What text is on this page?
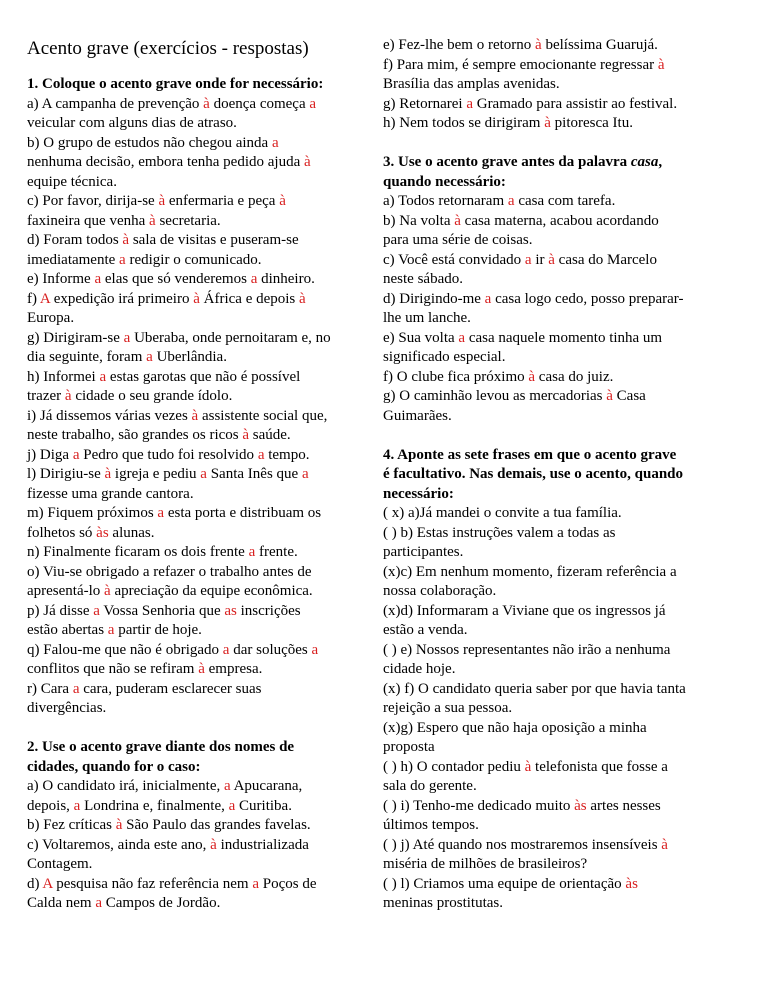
Acento grave (exercícios - respostas)
1. Coloque o acento grave onde for necessário:
a) A campanha de prevenção à doença começa a
veicular com alguns dias de atraso.
b) O grupo de estudos não chegou ainda a
nenhuma decisão, embora tenha pedido ajuda à
equipe técnica.
c) Por favor, dirija-se à enfermaria e peça à
faxineira que venha à secretaria.
d) Foram todos à sala de visitas e puseram-se
imediatamente a redigir o comunicado.
e) Informe a elas que só venderemos a dinheiro.
f) A expedição irá primeiro à África e depois à
Europa.
g) Dirigiram-se a Uberaba, onde pernoitaram e, no
dia seguinte, foram a Uberlândia.
h) Informei a estas garotas que não é possível
trazer à cidade o seu grande ídolo.
i) Já dissemos várias vezes à assistente social que,
neste trabalho, são grandes os ricos à saúde.
j) Diga a Pedro que tudo foi resolvido a tempo.
l) Dirigiu-se à igreja e pediu a Santa Inês que a
fizesse uma grande cantora.
m) Fiquem próximos a esta porta e distribuam os
folhetos só às alunas.
n) Finalmente ficaram os dois frente a frente.
o) Viu-se obrigado a refazer o trabalho antes de
apresentá-lo à apreciação da equipe econômica.
p) Já disse a Vossa Senhoria que as inscrições
estão abertas a partir de hoje.
q) Falou-me que não é obrigado a dar soluções a
conflitos que não se refiram à empresa.
r) Cara a cara, puderam esclarecer suas
divergências.
2. Use o acento grave diante dos nomes de
cidades, quando for o caso:
a) O candidato irá, inicialmente, a Apucarana,
depois, a Londrina e, finalmente, a Curitiba.
b) Fez críticas à São Paulo das grandes favelas.
c) Voltaremos, ainda este ano, à industrializada
Contagem.
d) A pesquisa não faz referência nem a Poços de
Calda nem a Campos de Jordão.
e) Fez-lhe bem o retorno à belíssima Guarujá.
f) Para mim, é sempre emocionante regressar à
Brasília das amplas avenidas.
g) Retornarei a Gramado para assistir ao festival.
h) Nem todos se dirigiram à pitoresca Itu.
3. Use o acento grave antes da palavra casa,
quando necessário:
a) Todos retornaram a casa com tarefa.
b) Na volta à casa materna, acabou acordando
para uma série de coisas.
c) Você está convidado a ir à casa do Marcelo
neste sábado.
d) Dirigindo-me a casa logo cedo, posso preparar-
lhe um lanche.
e) Sua volta a casa naquele momento tinha um
significado especial.
f) O clube fica próximo à casa do juiz.
g) O caminhão levou as mercadorias à Casa
Guimarães.
4. Aponte as sete frases em que o acento grave
é facultativo. Nas demais, use o acento, quando
necessário:
( x) a)Já mandei o convite a tua família.
( ) b) Estas instruções valem a todas as
participantes.
(x)c) Em nenhum momento, fizeram referência a
nossa colaboração.
(x)d) Informaram a Viviane que os ingressos já
estão a venda.
( ) e) Nossos representantes não irão a nenhuma
cidade hoje.
(x) f) O candidato queria saber por que havia tanta
rejeição a sua pessoa.
(x)g) Espero que não haja oposição a minha
proposta
( ) h) O contador pediu à telefonista que fosse a
sala do gerente.
( ) i) Tenho-me dedicado muito às artes nesses
últimos tempos.
( ) j) Até quando nos mostraremos insensíveis à
miséria de milhões de brasileiros?
( ) l) Criamos uma equipe de orientação às
meninas prostitutas.
